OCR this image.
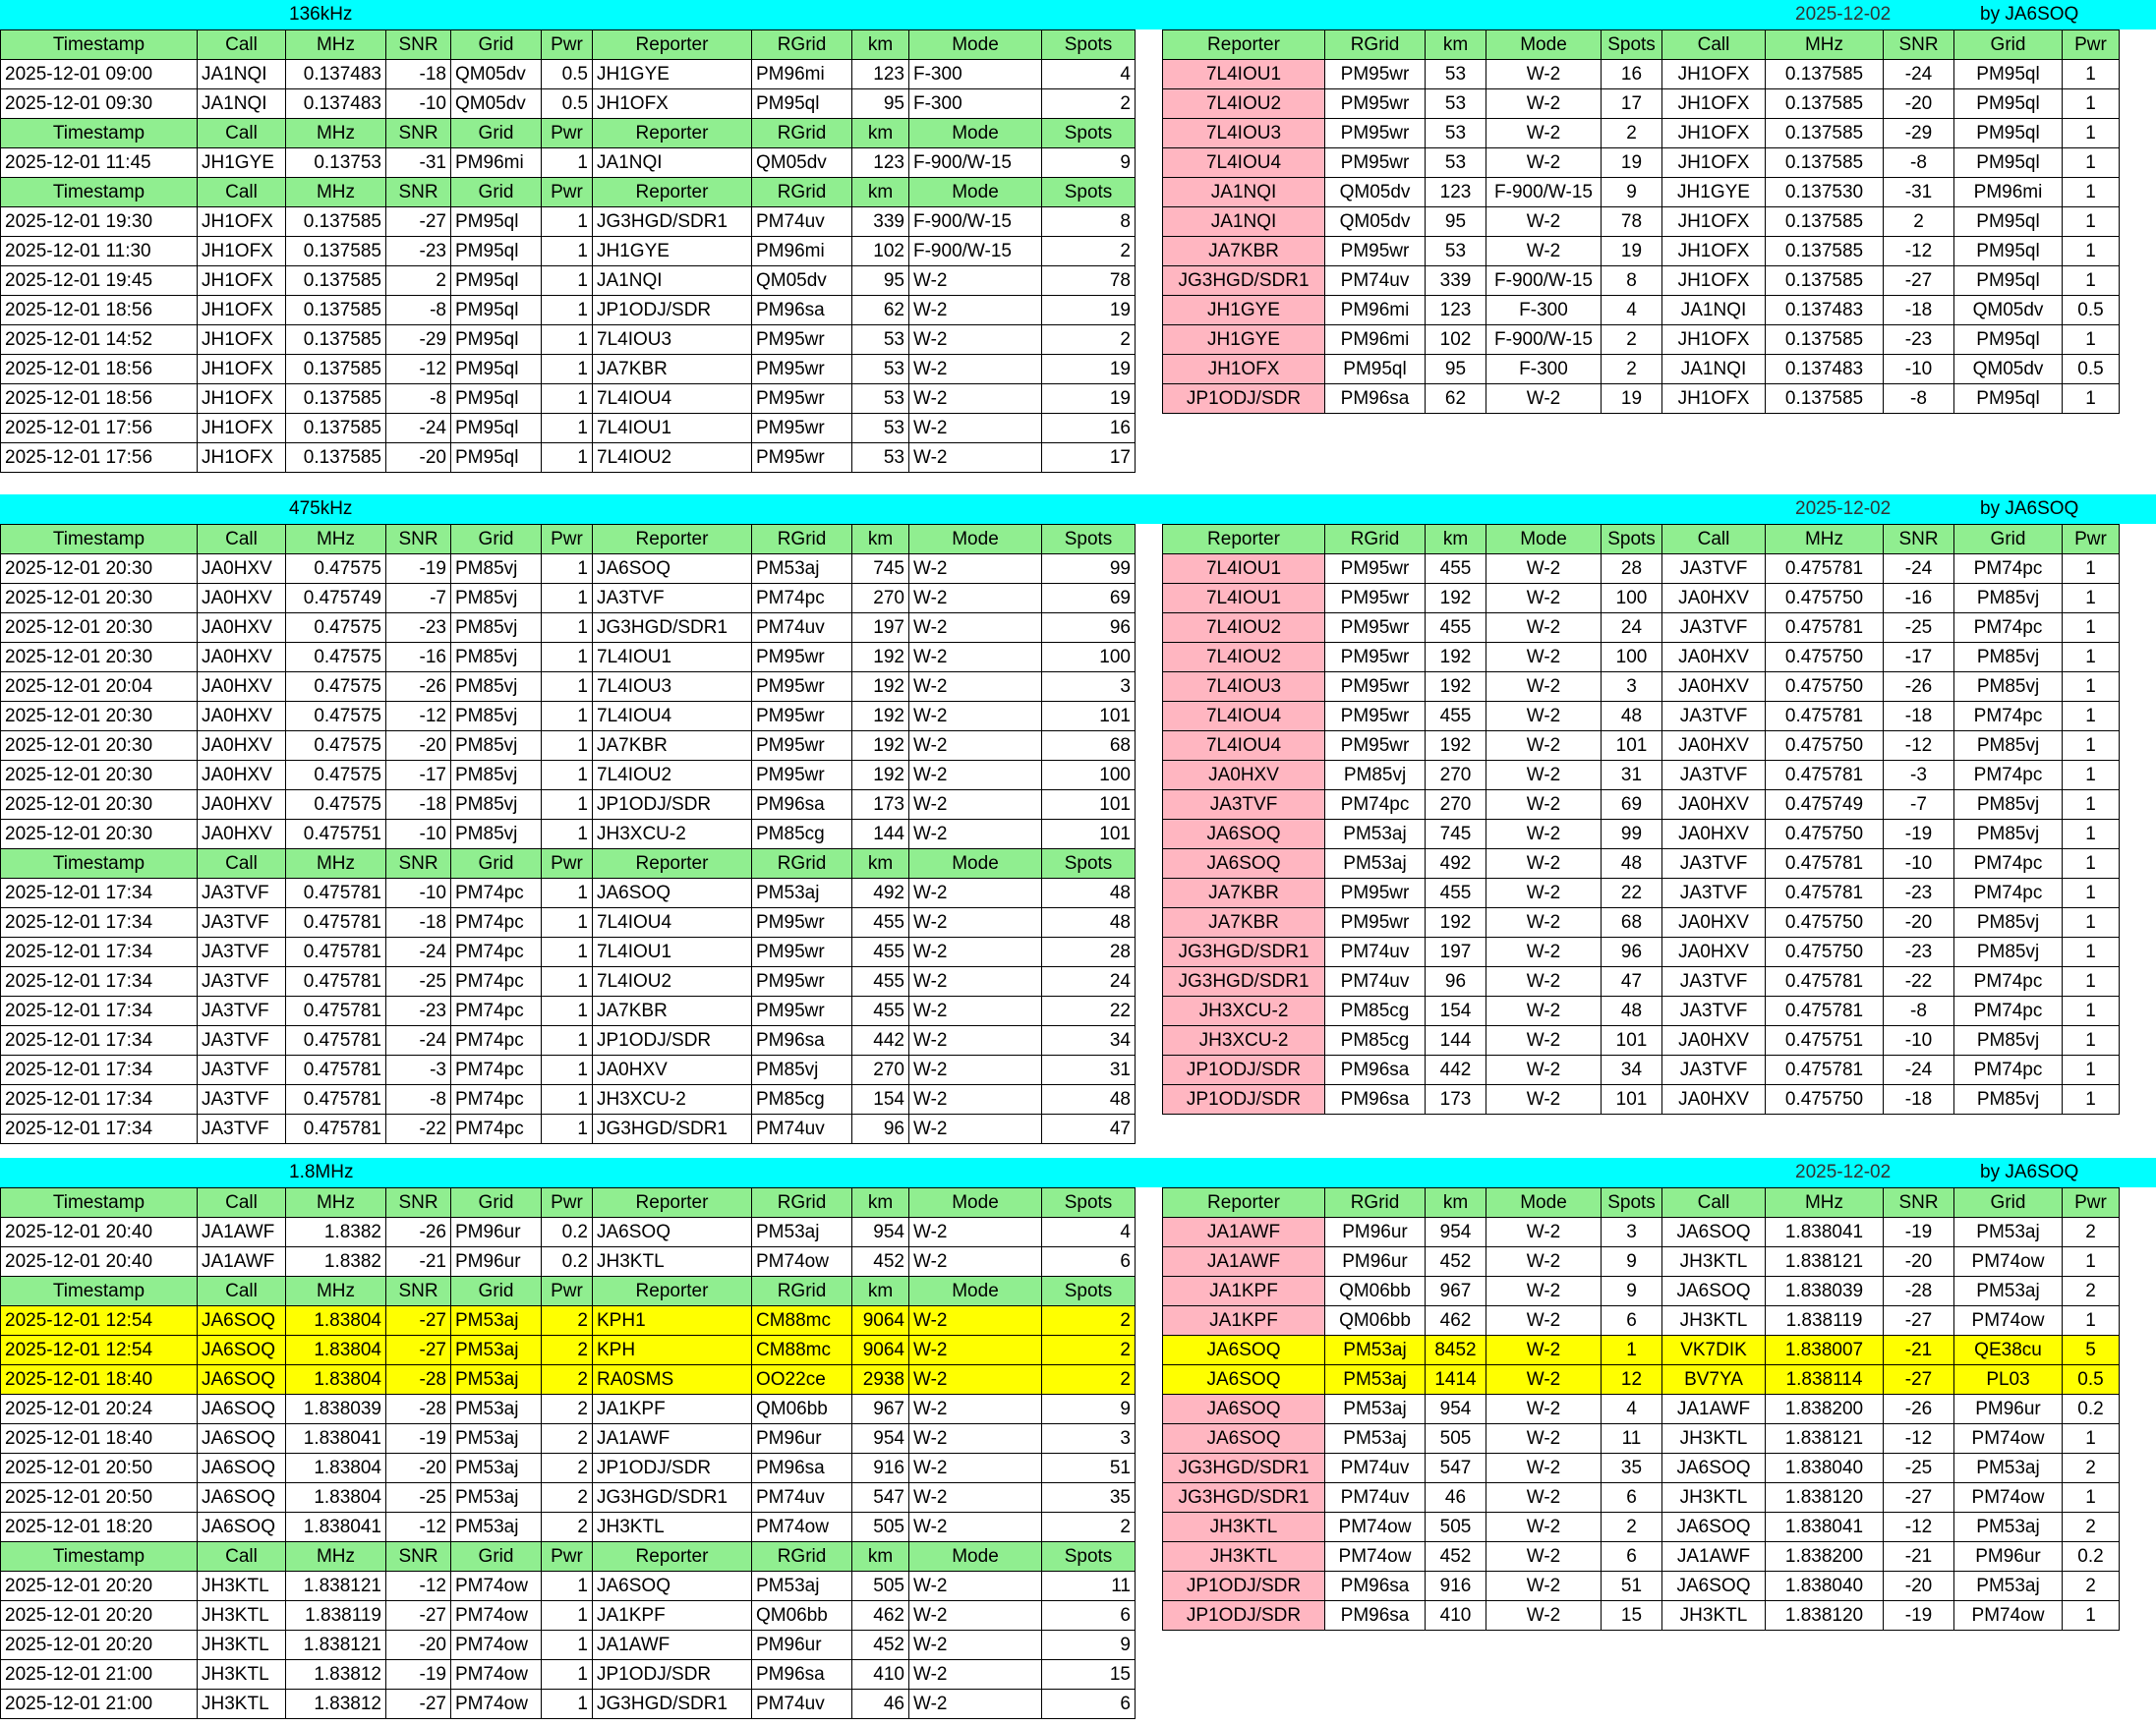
136kHz	2025-12-02	by JA6SOQ
Timestamp	Call	MHz	SNR	Grid	Pwr	Reporter	RGrid	km	Mode	Spots
2025-12-01 09:00	JA1NQI	0.137483	-18	QM05dv	0.5	JH1GYE	PM96mi	123	F-300	4
2025-12-01 09:30	JA1NQI	0.137483	-10	QM05dv	0.5	JH1OFX	PM95ql	95	F-300	2
Timestamp	Call	MHz	SNR	Grid	Pwr	Reporter	RGrid	km	Mode	Spots
2025-12-01 11:45	JH1GYE	0.13753	-31	PM96mi	1	JA1NQI	QM05dv	123	F-900/W-15	9
Timestamp	Call	MHz	SNR	Grid	Pwr	Reporter	RGrid	km	Mode	Spots
2025-12-01 19:30	JH1OFX	0.137585	-27	PM95ql	1	JG3HGD/SDR1	PM74uv	339	F-900/W-15	8
2025-12-01 11:30	JH1OFX	0.137585	-23	PM95ql	1	JH1GYE	PM96mi	102	F-900/W-15	2
2025-12-01 19:45	JH1OFX	0.137585	2	PM95ql	1	JA1NQI	QM05dv	95	W-2	78
2025-12-01 18:56	JH1OFX	0.137585	-8	PM95ql	1	JP1ODJ/SDR	PM96sa	62	W-2	19
2025-12-01 14:52	JH1OFX	0.137585	-29	PM95ql	1	7L4IOU3	PM95wr	53	W-2	2
2025-12-01 18:56	JH1OFX	0.137585	-12	PM95ql	1	JA7KBR	PM95wr	53	W-2	19
2025-12-01 18:56	JH1OFX	0.137585	-8	PM95ql	1	7L4IOU4	PM95wr	53	W-2	19
2025-12-01 17:56	JH1OFX	0.137585	-24	PM95ql	1	7L4IOU1	PM95wr	53	W-2	16
2025-12-01 17:56	JH1OFX	0.137585	-20	PM95ql	1	7L4IOU2	PM95wr	53	W-2	17
Reporter	RGrid	km	Mode	Spots	Call	MHz	SNR	Grid	Pwr
7L4IOU1	PM95wr	53	W-2	16	JH1OFX	0.137585	-24	PM95ql	1
7L4IOU2	PM95wr	53	W-2	17	JH1OFX	0.137585	-20	PM95ql	1
7L4IOU3	PM95wr	53	W-2	2	JH1OFX	0.137585	-29	PM95ql	1
7L4IOU4	PM95wr	53	W-2	19	JH1OFX	0.137585	-8	PM95ql	1
JA1NQI	QM05dv	123	F-900/W-15	9	JH1GYE	0.137530	-31	PM96mi	1
JA1NQI	QM05dv	95	W-2	78	JH1OFX	0.137585	2	PM95ql	1
JA7KBR	PM95wr	53	W-2	19	JH1OFX	0.137585	-12	PM95ql	1
JG3HGD/SDR1	PM74uv	339	F-900/W-15	8	JH1OFX	0.137585	-27	PM95ql	1
JH1GYE	PM96mi	123	F-300	4	JA1NQI	0.137483	-18	QM05dv	0.5
JH1GYE	PM96mi	102	F-900/W-15	2	JH1OFX	0.137585	-23	PM95ql	1
JH1OFX	PM95ql	95	F-300	2	JA1NQI	0.137483	-10	QM05dv	0.5
JP1ODJ/SDR	PM96sa	62	W-2	19	JH1OFX	0.137585	-8	PM95ql	1
475kHz	2025-12-02	by JA6SOQ
Timestamp	Call	MHz	SNR	Grid	Pwr	Reporter	RGrid	km	Mode	Spots
2025-12-01 20:30	JA0HXV	0.47575	-19	PM85vj	1	JA6SOQ	PM53aj	745	W-2	99
2025-12-01 20:30	JA0HXV	0.475749	-7	PM85vj	1	JA3TVF	PM74pc	270	W-2	69
2025-12-01 20:30	JA0HXV	0.47575	-23	PM85vj	1	JG3HGD/SDR1	PM74uv	197	W-2	96
2025-12-01 20:30	JA0HXV	0.47575	-16	PM85vj	1	7L4IOU1	PM95wr	192	W-2	100
2025-12-01 20:04	JA0HXV	0.47575	-26	PM85vj	1	7L4IOU3	PM95wr	192	W-2	3
2025-12-01 20:30	JA0HXV	0.47575	-12	PM85vj	1	7L4IOU4	PM95wr	192	W-2	101
2025-12-01 20:30	JA0HXV	0.47575	-20	PM85vj	1	JA7KBR	PM95wr	192	W-2	68
2025-12-01 20:30	JA0HXV	0.47575	-17	PM85vj	1	7L4IOU2	PM95wr	192	W-2	100
2025-12-01 20:30	JA0HXV	0.47575	-18	PM85vj	1	JP1ODJ/SDR	PM96sa	173	W-2	101
2025-12-01 20:30	JA0HXV	0.475751	-10	PM85vj	1	JH3XCU-2	PM85cg	144	W-2	101
Timestamp	Call	MHz	SNR	Grid	Pwr	Reporter	RGrid	km	Mode	Spots
2025-12-01 17:34	JA3TVF	0.475781	-10	PM74pc	1	JA6SOQ	PM53aj	492	W-2	48
2025-12-01 17:34	JA3TVF	0.475781	-18	PM74pc	1	7L4IOU4	PM95wr	455	W-2	48
2025-12-01 17:34	JA3TVF	0.475781	-24	PM74pc	1	7L4IOU1	PM95wr	455	W-2	28
2025-12-01 17:34	JA3TVF	0.475781	-25	PM74pc	1	7L4IOU2	PM95wr	455	W-2	24
2025-12-01 17:34	JA3TVF	0.475781	-23	PM74pc	1	JA7KBR	PM95wr	455	W-2	22
2025-12-01 17:34	JA3TVF	0.475781	-24	PM74pc	1	JP1ODJ/SDR	PM96sa	442	W-2	34
2025-12-01 17:34	JA3TVF	0.475781	-3	PM74pc	1	JA0HXV	PM85vj	270	W-2	31
2025-12-01 17:34	JA3TVF	0.475781	-8	PM74pc	1	JH3XCU-2	PM85cg	154	W-2	48
2025-12-01 17:34	JA3TVF	0.475781	-22	PM74pc	1	JG3HGD/SDR1	PM74uv	96	W-2	47
Reporter	RGrid	km	Mode	Spots	Call	MHz	SNR	Grid	Pwr
7L4IOU1	PM95wr	455	W-2	28	JA3TVF	0.475781	-24	PM74pc	1
7L4IOU1	PM95wr	192	W-2	100	JA0HXV	0.475750	-16	PM85vj	1
7L4IOU2	PM95wr	455	W-2	24	JA3TVF	0.475781	-25	PM74pc	1
7L4IOU2	PM95wr	192	W-2	100	JA0HXV	0.475750	-17	PM85vj	1
7L4IOU3	PM95wr	192	W-2	3	JA0HXV	0.475750	-26	PM85vj	1
7L4IOU4	PM95wr	455	W-2	48	JA3TVF	0.475781	-18	PM74pc	1
7L4IOU4	PM95wr	192	W-2	101	JA0HXV	0.475750	-12	PM85vj	1
JA0HXV	PM85vj	270	W-2	31	JA3TVF	0.475781	-3	PM74pc	1
JA3TVF	PM74pc	270	W-2	69	JA0HXV	0.475749	-7	PM85vj	1
JA6SOQ	PM53aj	745	W-2	99	JA0HXV	0.475750	-19	PM85vj	1
JA6SOQ	PM53aj	492	W-2	48	JA3TVF	0.475781	-10	PM74pc	1
JA7KBR	PM95wr	455	W-2	22	JA3TVF	0.475781	-23	PM74pc	1
JA7KBR	PM95wr	192	W-2	68	JA0HXV	0.475750	-20	PM85vj	1
JG3HGD/SDR1	PM74uv	197	W-2	96	JA0HXV	0.475750	-23	PM85vj	1
JG3HGD/SDR1	PM74uv	96	W-2	47	JA3TVF	0.475781	-22	PM74pc	1
JH3XCU-2	PM85cg	154	W-2	48	JA3TVF	0.475781	-8	PM74pc	1
JH3XCU-2	PM85cg	144	W-2	101	JA0HXV	0.475751	-10	PM85vj	1
JP1ODJ/SDR	PM96sa	442	W-2	34	JA3TVF	0.475781	-24	PM74pc	1
JP1ODJ/SDR	PM96sa	173	W-2	101	JA0HXV	0.475750	-18	PM85vj	1
1.8MHz	2025-12-02	by JA6SOQ
Timestamp	Call	MHz	SNR	Grid	Pwr	Reporter	RGrid	km	Mode	Spots
2025-12-01 20:40	JA1AWF	1.8382	-26	PM96ur	0.2	JA6SOQ	PM53aj	954	W-2	4
2025-12-01 20:40	JA1AWF	1.8382	-21	PM96ur	0.2	JH3KTL	PM74ow	452	W-2	6
Timestamp	Call	MHz	SNR	Grid	Pwr	Reporter	RGrid	km	Mode	Spots
2025-12-01 12:54	JA6SOQ	1.83804	-27	PM53aj	2	KPH1	CM88mc	9064	W-2	2
2025-12-01 12:54	JA6SOQ	1.83804	-27	PM53aj	2	KPH	CM88mc	9064	W-2	2
2025-12-01 18:40	JA6SOQ	1.83804	-28	PM53aj	2	RA0SMS	OO22ce	2938	W-2	2
2025-12-01 20:24	JA6SOQ	1.838039	-28	PM53aj	2	JA1KPF	QM06bb	967	W-2	9
2025-12-01 18:40	JA6SOQ	1.838041	-19	PM53aj	2	JA1AWF	PM96ur	954	W-2	3
2025-12-01 20:50	JA6SOQ	1.83804	-20	PM53aj	2	JP1ODJ/SDR	PM96sa	916	W-2	51
2025-12-01 20:50	JA6SOQ	1.83804	-25	PM53aj	2	JG3HGD/SDR1	PM74uv	547	W-2	35
2025-12-01 18:20	JA6SOQ	1.838041	-12	PM53aj	2	JH3KTL	PM74ow	505	W-2	2
Timestamp	Call	MHz	SNR	Grid	Pwr	Reporter	RGrid	km	Mode	Spots
2025-12-01 20:20	JH3KTL	1.838121	-12	PM74ow	1	JA6SOQ	PM53aj	505	W-2	11
2025-12-01 20:20	JH3KTL	1.838119	-27	PM74ow	1	JA1KPF	QM06bb	462	W-2	6
2025-12-01 20:20	JH3KTL	1.838121	-20	PM74ow	1	JA1AWF	PM96ur	452	W-2	9
2025-12-01 21:00	JH3KTL	1.83812	-19	PM74ow	1	JP1ODJ/SDR	PM96sa	410	W-2	15
2025-12-01 21:00	JH3KTL	1.83812	-27	PM74ow	1	JG3HGD/SDR1	PM74uv	46	W-2	6
Reporter	RGrid	km	Mode	Spots	Call	MHz	SNR	Grid	Pwr
JA1AWF	PM96ur	954	W-2	3	JA6SOQ	1.838041	-19	PM53aj	2
JA1AWF	PM96ur	452	W-2	9	JH3KTL	1.838121	-20	PM74ow	1
JA1KPF	QM06bb	967	W-2	9	JA6SOQ	1.838039	-28	PM53aj	2
JA1KPF	QM06bb	462	W-2	6	JH3KTL	1.838119	-27	PM74ow	1
JA6SOQ	PM53aj	8452	W-2	1	VK7DIK	1.838007	-21	QE38cu	5
JA6SOQ	PM53aj	1414	W-2	12	BV7YA	1.838114	-27	PL03	0.5
JA6SOQ	PM53aj	954	W-2	4	JA1AWF	1.838200	-26	PM96ur	0.2
JA6SOQ	PM53aj	505	W-2	11	JH3KTL	1.838121	-12	PM74ow	1
JG3HGD/SDR1	PM74uv	547	W-2	35	JA6SOQ	1.838040	-25	PM53aj	2
JG3HGD/SDR1	PM74uv	46	W-2	6	JH3KTL	1.838120	-27	PM74ow	1
JH3KTL	PM74ow	505	W-2	2	JA6SOQ	1.838041	-12	PM53aj	2
JH3KTL	PM74ow	452	W-2	6	JA1AWF	1.838200	-21	PM96ur	0.2
JP1ODJ/SDR	PM96sa	916	W-2	51	JA6SOQ	1.838040	-20	PM53aj	2
JP1ODJ/SDR	PM96sa	410	W-2	15	JH3KTL	1.838120	-19	PM74ow	1
